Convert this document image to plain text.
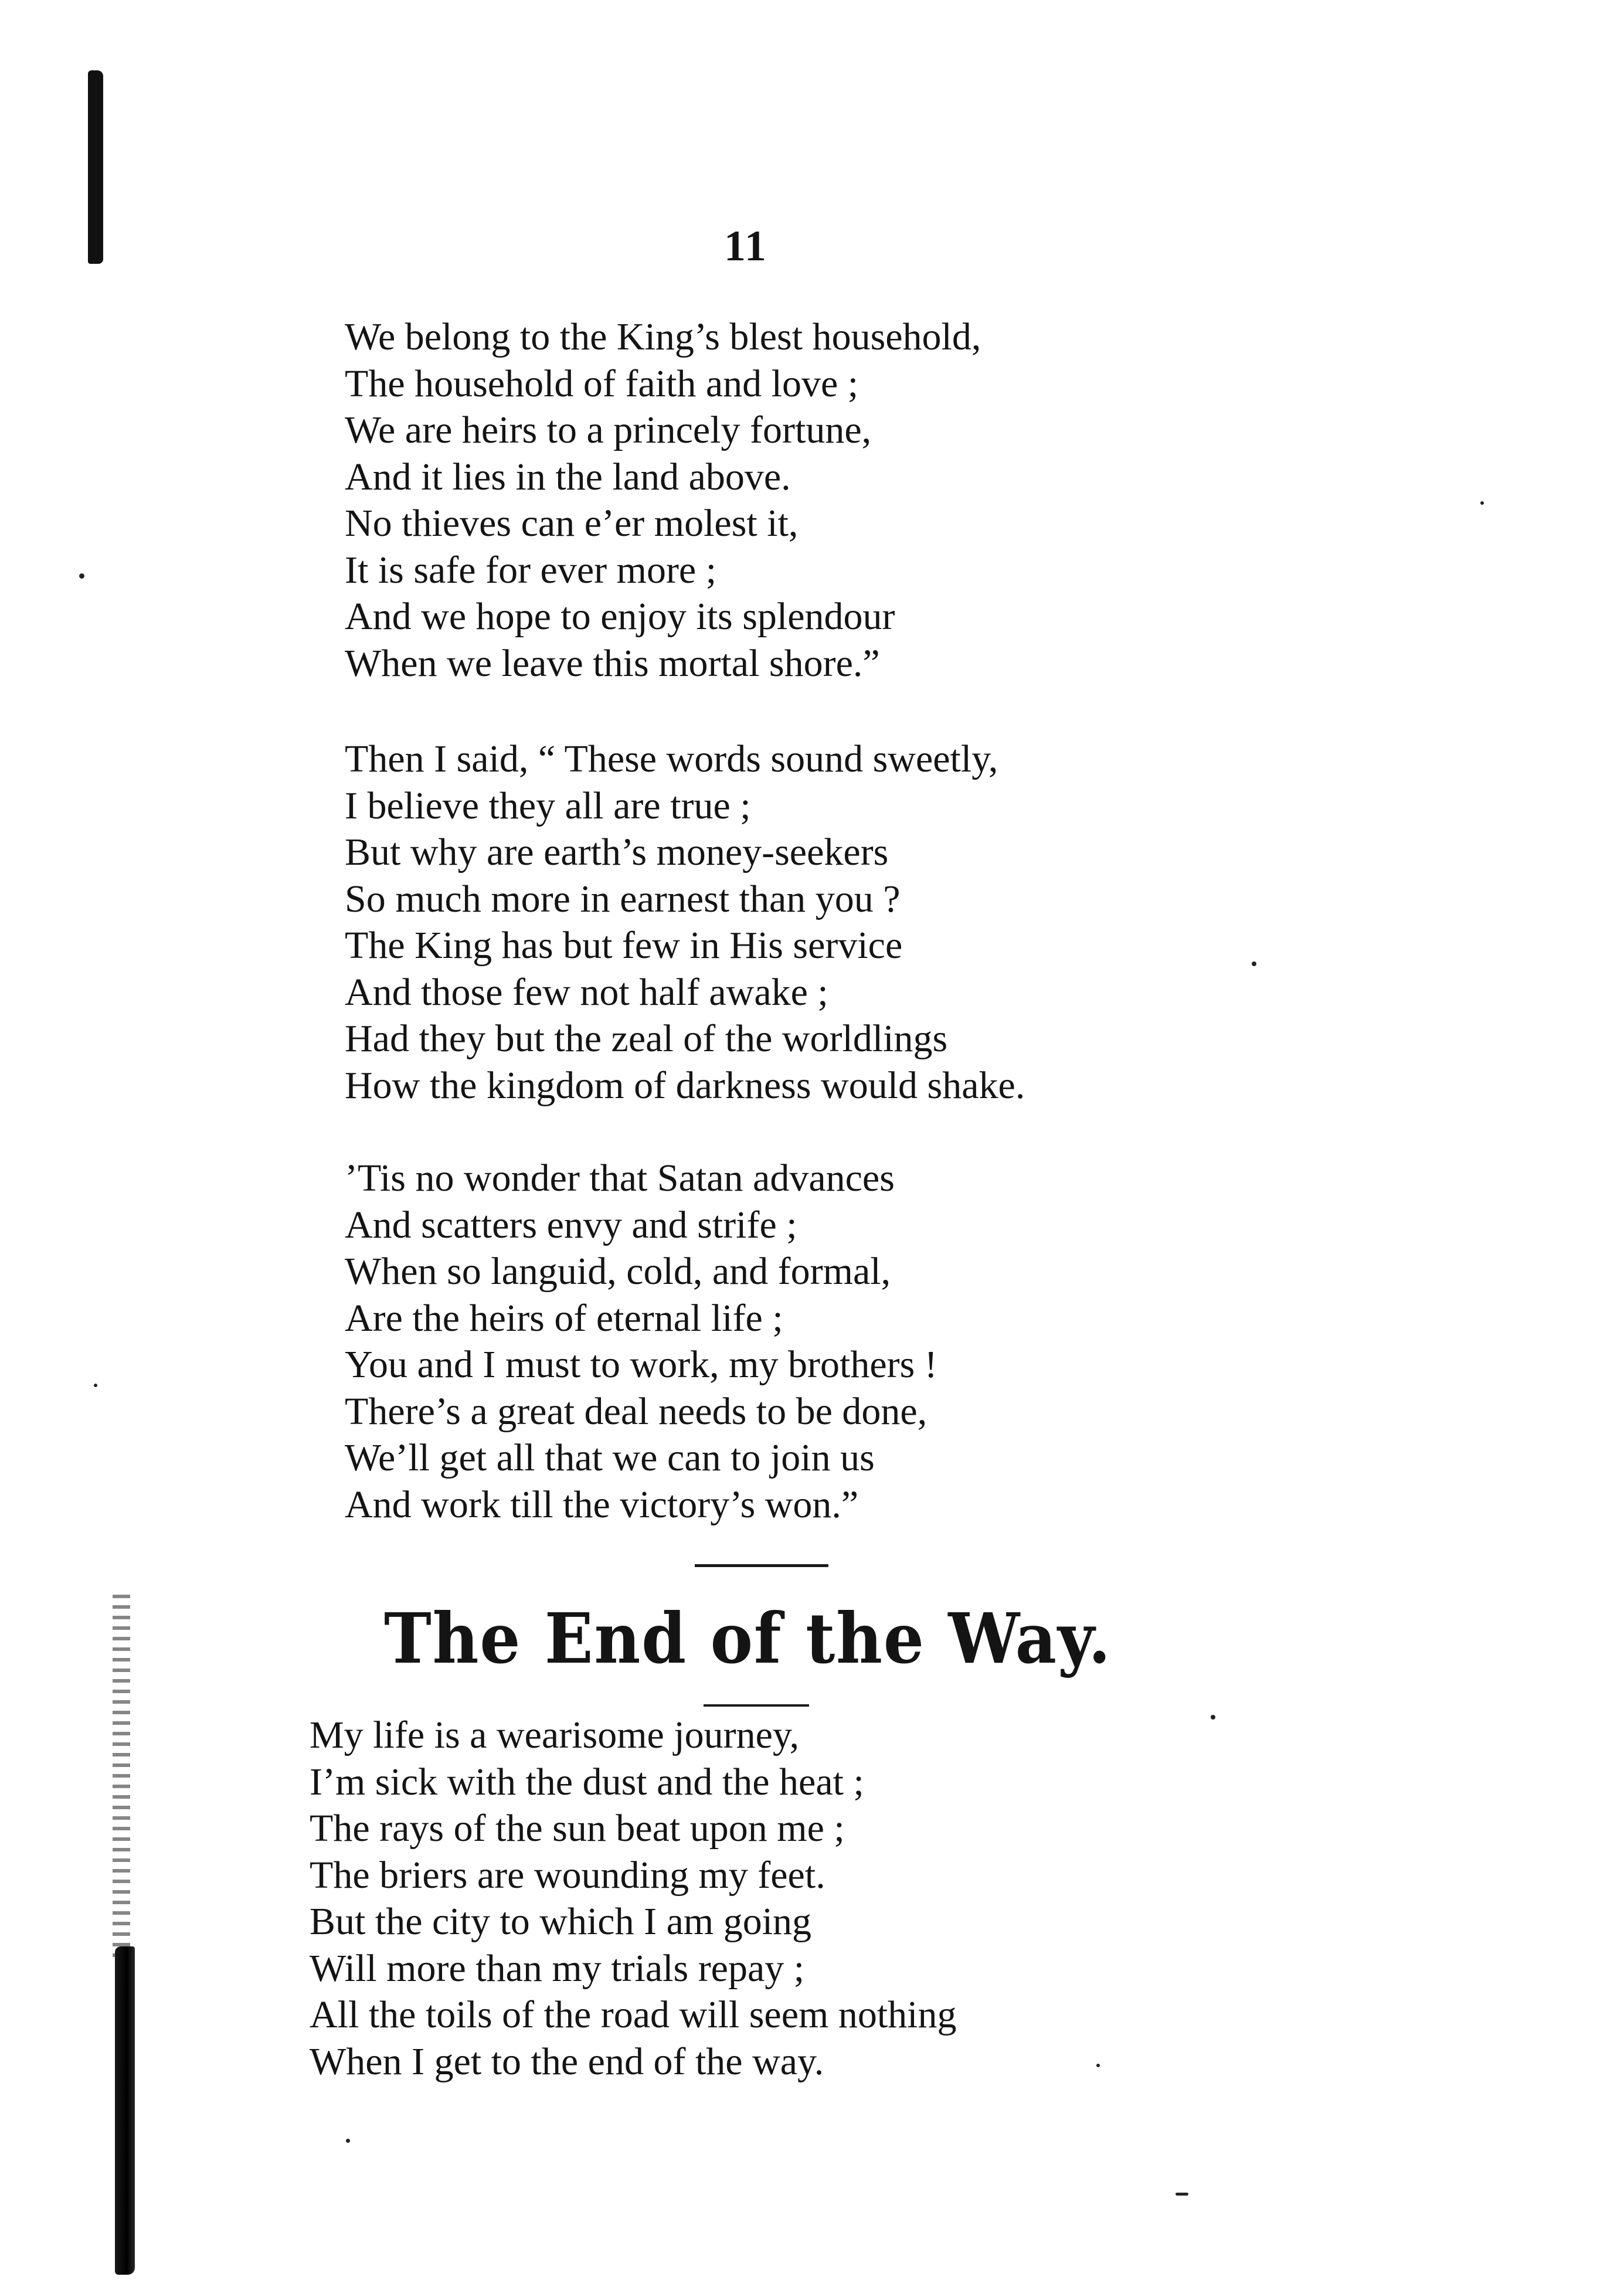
11
We belong to the King’s blest household,
The household of faith and love ;
We are heirs to a princely fortune,
And it lies in the land above.
No thieves can e’er molest it,
It is safe for ever more ;
And we hope to enjoy its splendour
When we leave this mortal shore.”
Then I said, “ These words sound sweetly,
I believe they all are true ;
But why are earth’s money-seekers
So much more in earnest than you ?
The King has but few in His service
And those few not half awake ;
Had they but the zeal of the worldlings
How the kingdom of darkness would shake.
’Tis no wonder that Satan advances
And scatters envy and strife ;
When so languid, cold, and formal,
Are the heirs of eternal life ;
You and I must to work, my brothers !
There’s a great deal needs to be done,
We’ll get all that we can to join us
And work till the victory’s won.”
The End of the Way.
My life is a wearisome journey,
I’m sick with the dust and the heat ;
The rays of the sun beat upon me ;
The briers are wounding my feet.
But the city to which I am going
Will more than my trials repay ;
All the toils of the road will seem nothing
When I get to the end of the way.
